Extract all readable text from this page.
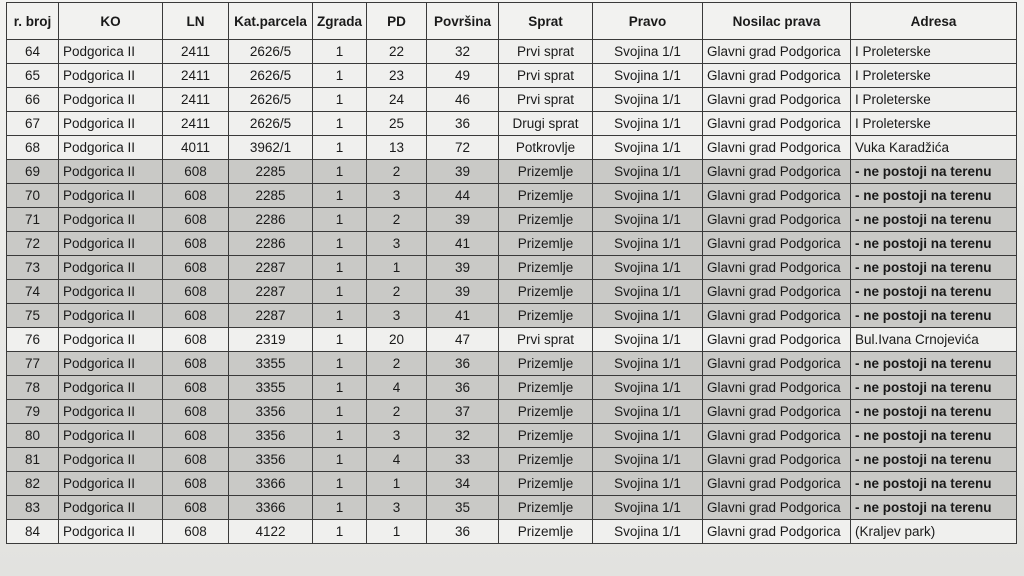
r. broj	KO	LN	Kat.parcela	Zgrada	PD	Površina	Sprat	Pravo	Nosilac prava	Adresa
64	Podgorica II	2411	2626/5	1	22	32	Prvi sprat	Svojina 1/1	Glavni grad Podgorica	I Proleterske
65	Podgorica II	2411	2626/5	1	23	49	Prvi sprat	Svojina 1/1	Glavni grad Podgorica	I Proleterske
66	Podgorica II	2411	2626/5	1	24	46	Prvi sprat	Svojina 1/1	Glavni grad Podgorica	I Proleterske
67	Podgorica II	2411	2626/5	1	25	36	Drugi sprat	Svojina 1/1	Glavni grad Podgorica	I Proleterske
68	Podgorica II	4011	3962/1	1	13	72	Potkrovlje	Svojina 1/1	Glavni grad Podgorica	Vuka Karadžića
69	Podgorica II	608	2285	1	2	39	Prizemlje	Svojina 1/1	Glavni grad Podgorica	- ne postoji na terenu
70	Podgorica II	608	2285	1	3	44	Prizemlje	Svojina 1/1	Glavni grad Podgorica	- ne postoji na terenu
71	Podgorica II	608	2286	1	2	39	Prizemlje	Svojina 1/1	Glavni grad Podgorica	- ne postoji na terenu
72	Podgorica II	608	2286	1	3	41	Prizemlje	Svojina 1/1	Glavni grad Podgorica	- ne postoji na terenu
73	Podgorica II	608	2287	1	1	39	Prizemlje	Svojina 1/1	Glavni grad Podgorica	- ne postoji na terenu
74	Podgorica II	608	2287	1	2	39	Prizemlje	Svojina 1/1	Glavni grad Podgorica	- ne postoji na terenu
75	Podgorica II	608	2287	1	3	41	Prizemlje	Svojina 1/1	Glavni grad Podgorica	- ne postoji na terenu
76	Podgorica II	608	2319	1	20	47	Prvi sprat	Svojina 1/1	Glavni grad Podgorica	Bul.Ivana Crnojevića
77	Podgorica II	608	3355	1	2	36	Prizemlje	Svojina 1/1	Glavni grad Podgorica	- ne postoji na terenu
78	Podgorica II	608	3355	1	4	36	Prizemlje	Svojina 1/1	Glavni grad Podgorica	- ne postoji na terenu
79	Podgorica II	608	3356	1	2	37	Prizemlje	Svojina 1/1	Glavni grad Podgorica	- ne postoji na terenu
80	Podgorica II	608	3356	1	3	32	Prizemlje	Svojina 1/1	Glavni grad Podgorica	- ne postoji na terenu
81	Podgorica II	608	3356	1	4	33	Prizemlje	Svojina 1/1	Glavni grad Podgorica	- ne postoji na terenu
82	Podgorica II	608	3366	1	1	34	Prizemlje	Svojina 1/1	Glavni grad Podgorica	- ne postoji na terenu
83	Podgorica II	608	3366	1	3	35	Prizemlje	Svojina 1/1	Glavni grad Podgorica	- ne postoji na terenu
84	Podgorica II	608	4122	1	1	36	Prizemlje	Svojina 1/1	Glavni grad Podgorica	(Kraljev park)
